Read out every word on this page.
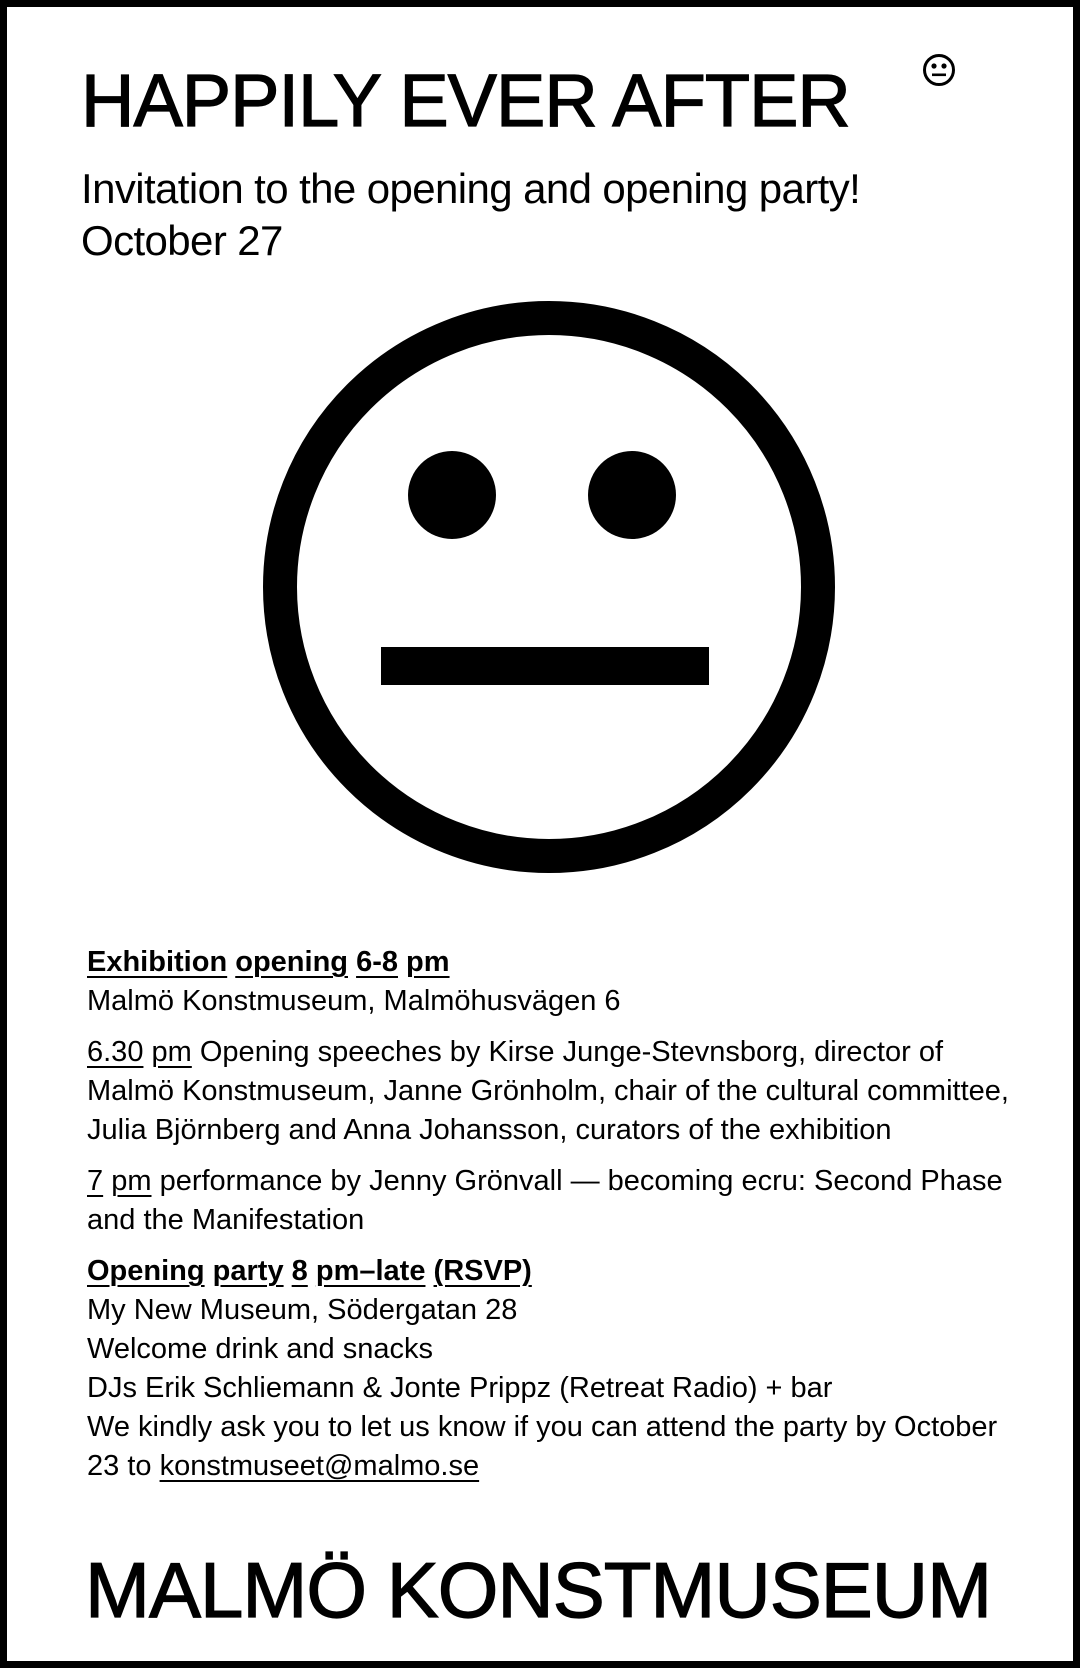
HAPPILY EVER AFTER
Invitation to the opening and opening party!
October 27

Exhibition opening 6-8 pm

Malmö Konstmuseum, Malmöhusvägen 6

6.30 pm Opening speeches by Kirse Junge-Stevnsborg, director of Malmö Konstmuseum, Janne Grönholm, chair of the cultural committee, Julia Björnberg and Anna Johansson, curators of the exhibition

7 pm performance by Jenny Grönvall — becoming ecru: Second Phase and the Manifestation

Opening party 8 pm–late (RSVP)

My New Museum, Södergatan 28

Welcome drink and snacks

DJs Erik Schliemann & Jonte Prippz (Retreat Radio) + bar

We kindly ask you to let us know if you can attend the party by October 23 to konstmuseet@malmo.se

MALMÖ KONSTMUSEUM
